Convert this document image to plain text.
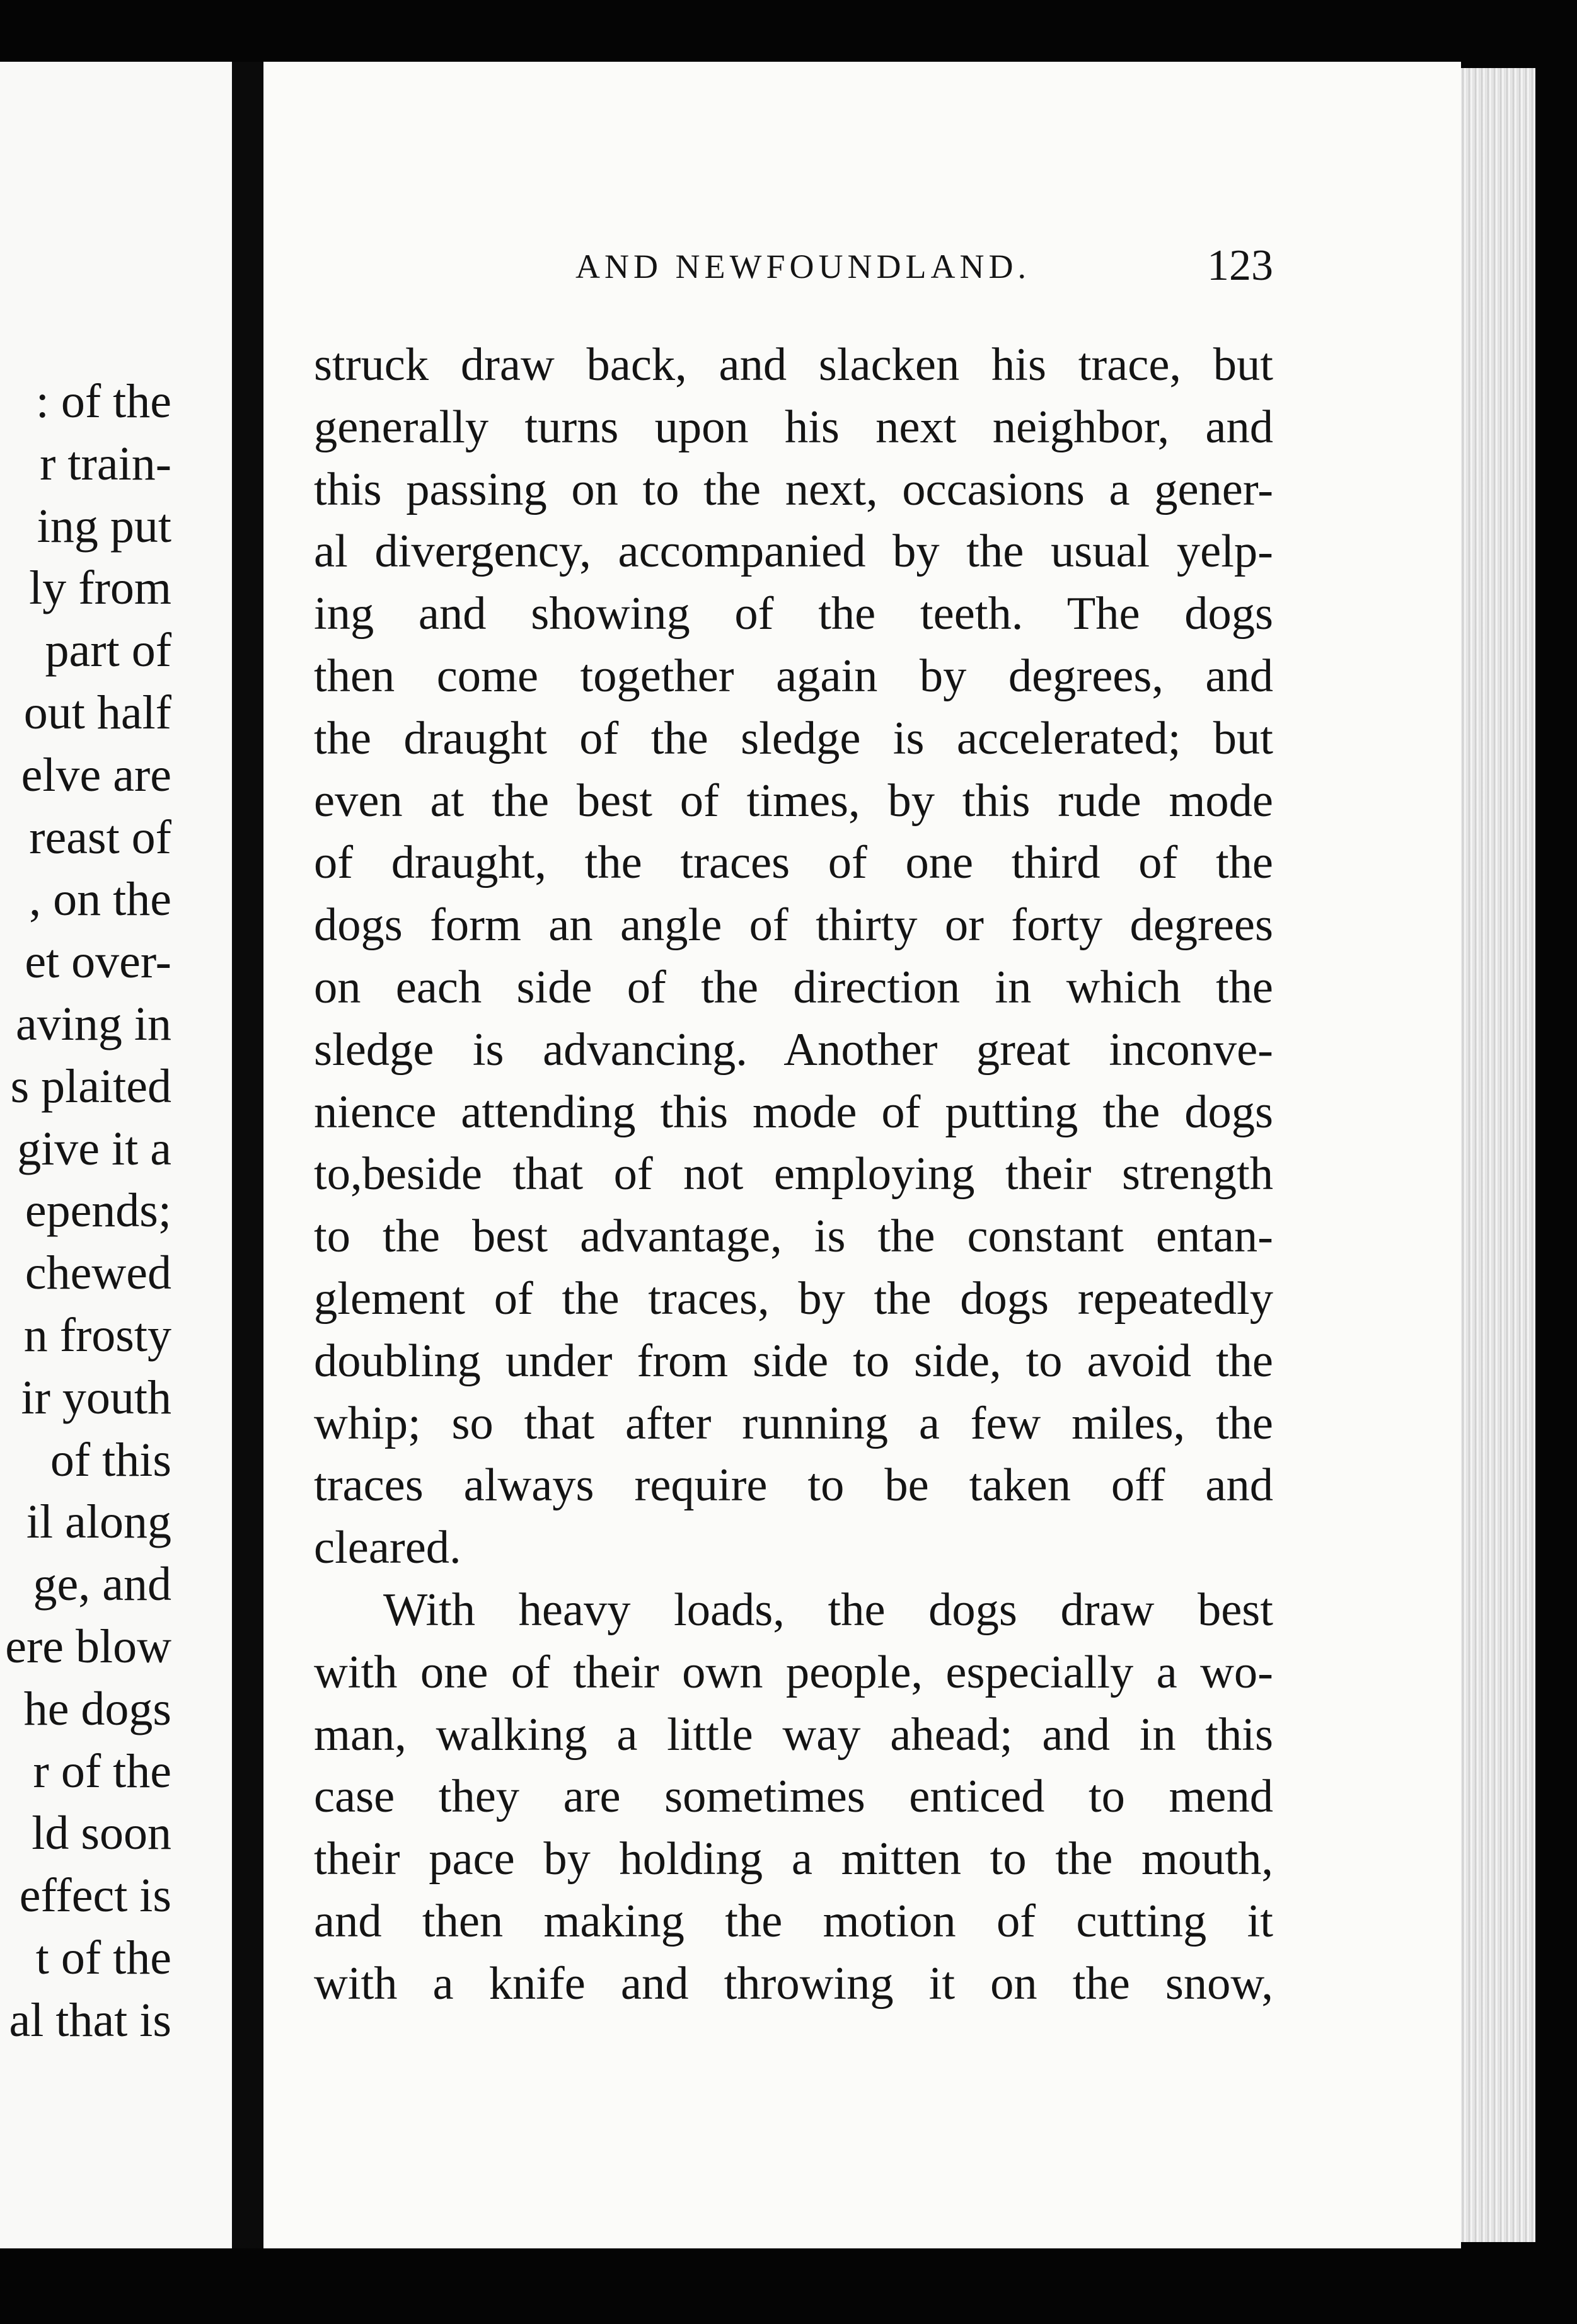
: of the
r train-
ing put
ly from
part of
out half
elve are
reast of
, on the
et over-
aving in
s plaited
give it a
epends;
chewed
n frosty
ir youth
of this
il along
ge, and
ere blow
he dogs
r of the
ld soon
effect is
t of the
al that is
AND NEWFOUNDLAND.	123
struck draw back, and slacken his trace, but
generally turns upon his next neighbor, and
this passing on to the next, occasions a gener-
al divergency, accompanied by the usual yelp-
ing and showing of the teeth. The dogs
then come together again by degrees, and
the draught of the sledge is accelerated; but
even at the best of times, by this rude mode
of draught, the traces of one third of the
dogs form an angle of thirty or forty degrees
on each side of the direction in which the
sledge is advancing. Another great inconve-
nience attending this mode of putting the dogs
to,beside that of not employing their strength
to the best advantage, is the constant entan-
glement of the traces, by the dogs repeatedly
doubling under from side to side, to avoid the
whip; so that after running a few miles, the
traces always require to be taken off and
cleared.
With heavy loads, the dogs draw best
with one of their own people, especially a wo-
man, walking a little way ahead; and in this
case they are sometimes enticed to mend
their pace by holding a mitten to the mouth,
and then making the motion of cutting it
with a knife and throwing it on the snow,
